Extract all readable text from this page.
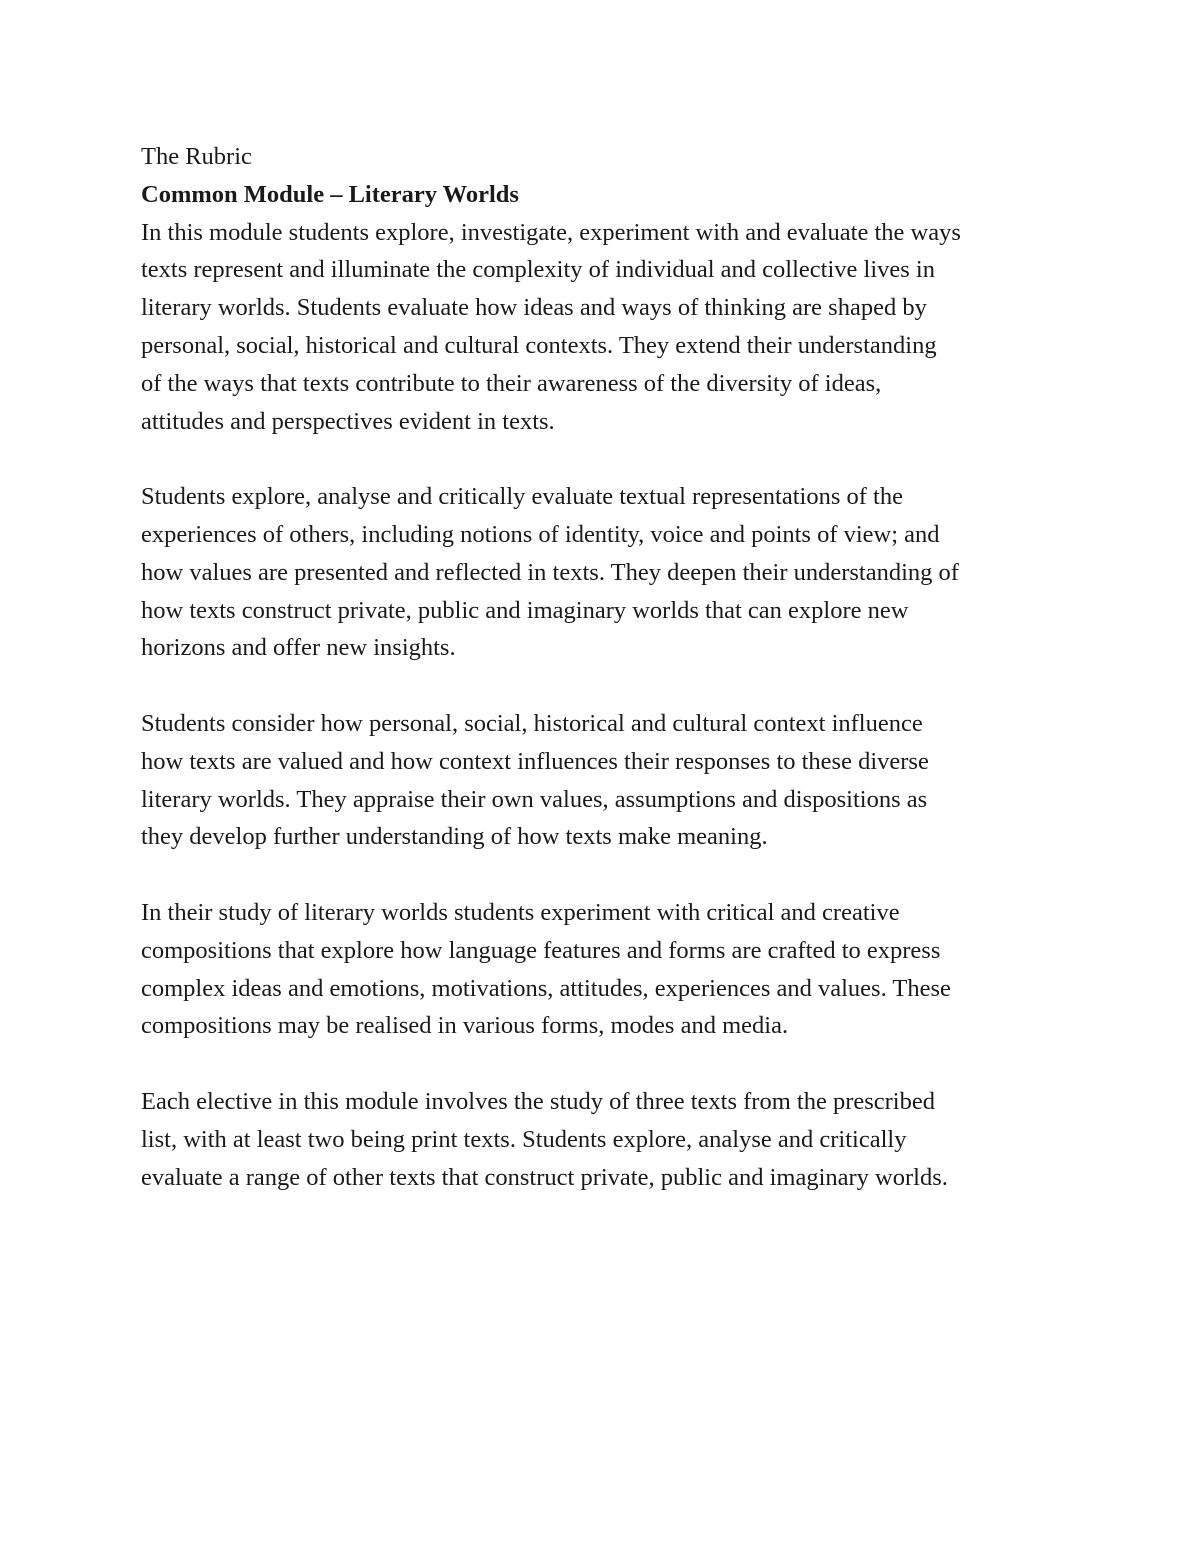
The Rubric
Common Module – Literary Worlds
In this module students explore, investigate, experiment with and evaluate the ways
texts represent and illuminate the complexity of individual and collective lives in
literary worlds. Students evaluate how ideas and ways of thinking are shaped by
personal, social, historical and cultural contexts. They extend their understanding
of the ways that texts contribute to their awareness of the diversity of ideas,
attitudes and perspectives evident in texts.
Students explore, analyse and critically evaluate textual representations of the
experiences of others, including notions of identity, voice and points of view; and
how values are presented and reflected in texts. They deepen their understanding of
how texts construct private, public and imaginary worlds that can explore new
horizons and offer new insights.
Students consider how personal, social, historical and cultural context influence
how texts are valued and how context influences their responses to these diverse
literary worlds. They appraise their own values, assumptions and dispositions as
they develop further understanding of how texts make meaning.
In their study of literary worlds students experiment with critical and creative
compositions that explore how language features and forms are crafted to express
complex ideas and emotions, motivations, attitudes, experiences and values. These
compositions may be realised in various forms, modes and media.
Each elective in this module involves the study of three texts from the prescribed
list, with at least two being print texts. Students explore, analyse and critically
evaluate a range of other texts that construct private, public and imaginary worlds.
